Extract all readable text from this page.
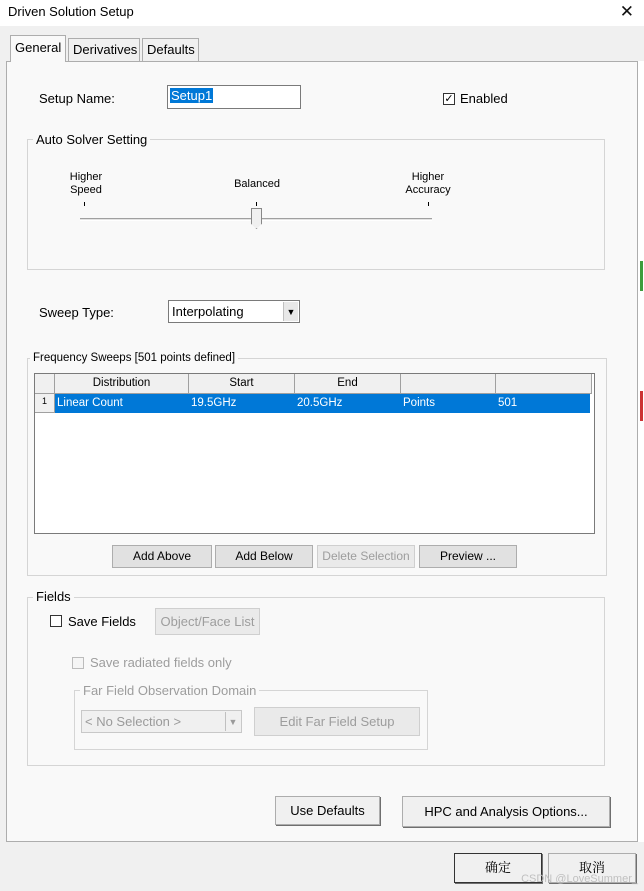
Driven Solution Setup	✕
General Derivatives Defaults
Setup Name:	Setup1	✓ Enabled
Auto Solver Setting
Higher
Speed	Balanced
Higher
Accuracy
Sweep Type:	Interpolating	▼
Frequency Sweeps [501 points defined]
Distribution	Start	End
1 Linear Count	19.5GHz	20.5GHz	Points	501
Add Above	Add Below	Delete Selection	Preview ...
Fields
Save Fields	Object/Face List
Save radiated fields only
Far Field Observation Domain
< No Selection >	▼	Edit Far Field Setup
Use Defaults	HPC and Analysis Options...
确定	取消
CSDN @LoveSummer_
